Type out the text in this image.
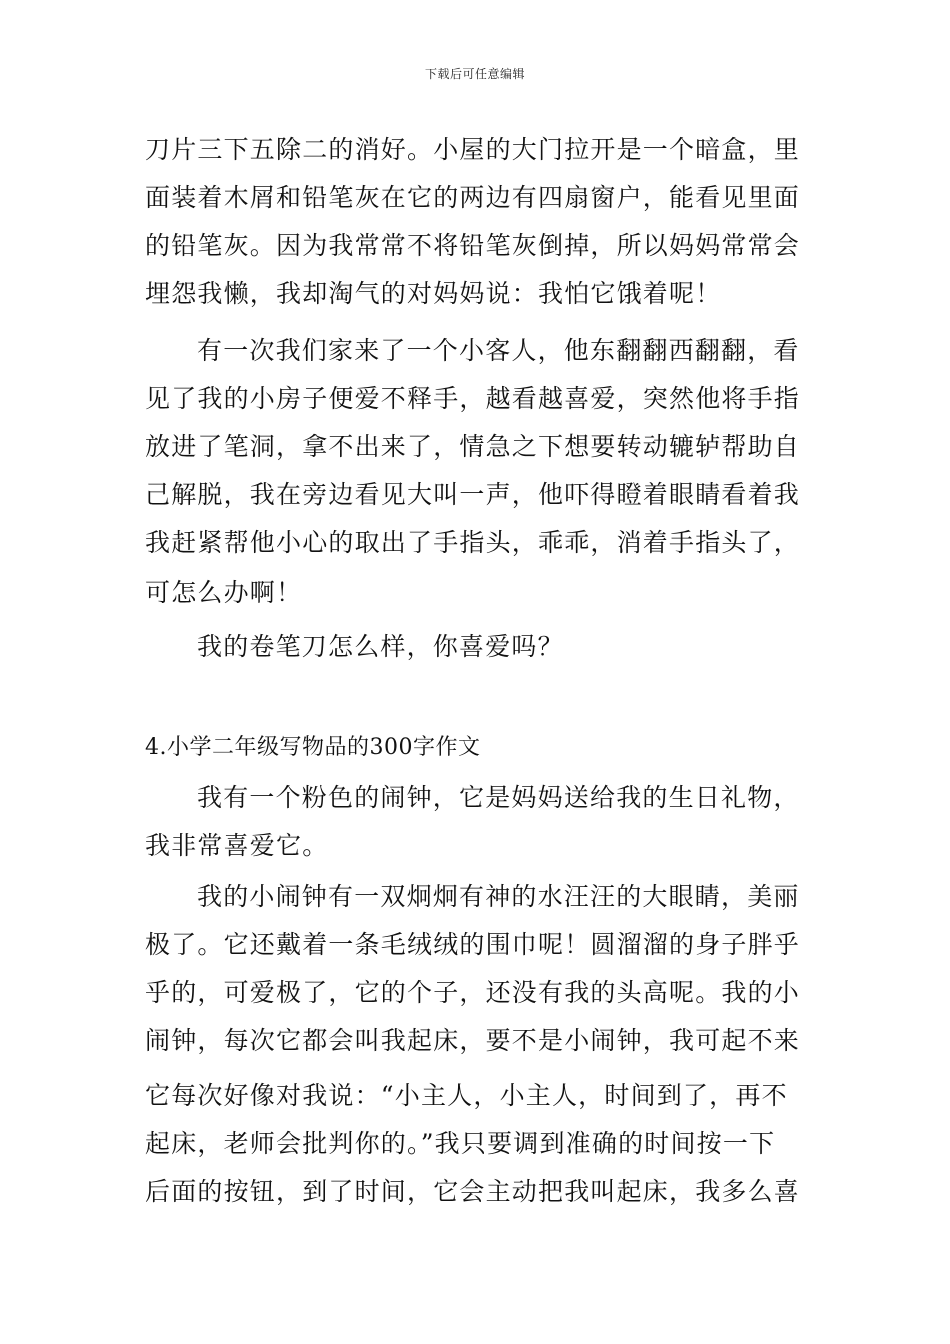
下载后可任意编辑
刀片三下五除二的消好。小屋的大门拉开是一个暗盒，里
面装着木屑和铅笔灰在它的两边有四扇窗户，能看见里面
的铅笔灰。因为我常常不将铅笔灰倒掉，所以妈妈常常会
埋怨我懒，我却淘气的对妈妈说：我怕它饿着呢！
有一次我们家来了一个小客人，他东翻翻西翻翻，看
见了我的小房子便爱不释手，越看越喜爱，突然他将手指
放进了笔洞，拿不出来了，情急之下想要转动辘轳帮助自
己解脱，我在旁边看见大叫一声，他吓得瞪着眼睛看着我
我赶紧帮他小心的取出了手指头，乖乖，消着手指头了，
可怎么办啊！
我的卷笔刀怎么样，你喜爱吗？
4.小学二年级写物品的300字作文
我有一个粉色的闹钟，它是妈妈送给我的生日礼物，
我非常喜爱它。
我的小闹钟有一双炯炯有神的水汪汪的大眼睛，美丽
极了。它还戴着一条毛绒绒的围巾呢！圆溜溜的身子胖乎
乎的，可爱极了，它的个子，还没有我的头高呢。我的小
闹钟，每次它都会叫我起床，要不是小闹钟，我可起不来
它每次好像对我说：“小主人，小主人，时间到了，再不
起床，老师会批判你的。”我只要调到准确的时间按一下
后面的按钮，到了时间，它会主动把我叫起床，我多么喜
